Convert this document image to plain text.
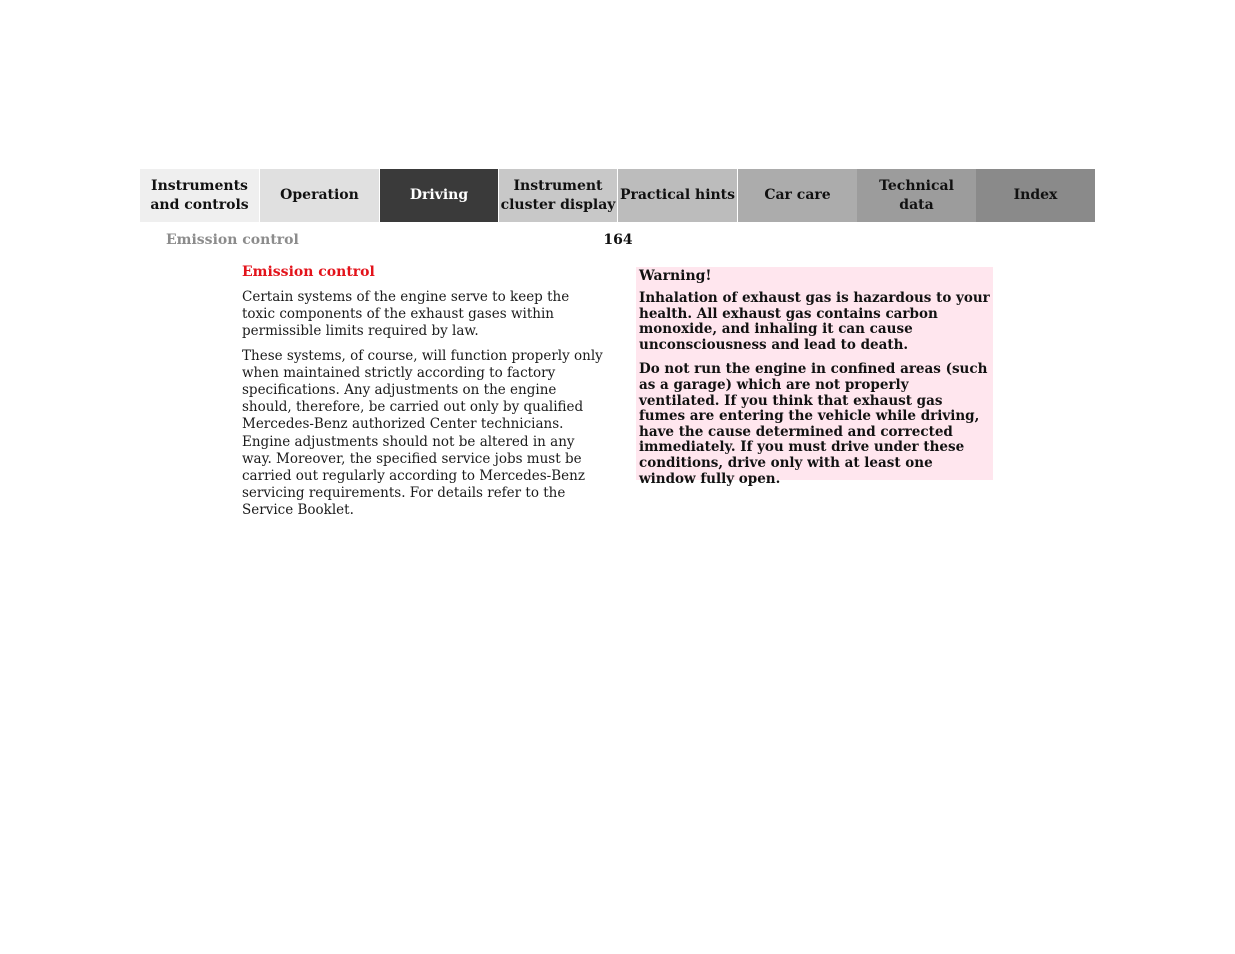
Instruments
and controls
Operation	Driving
Instrument
cluster display
Practical hints	Car care
Technical
data
Index
Emission control	164
Emission control

Certain systems of the engine serve to keep the toxic components of the exhaust gases within permissible limits required by law.

These systems, of course, will function properly only when maintained strictly according to factory specifications. Any adjustments on the engine should, therefore, be carried out only by qualified Mercedes-Benz authorized Center technicians. Engine adjustments should not be altered in any way. Moreover, the specified service jobs must be carried out regularly according to Mercedes-Benz servicing requirements. For details refer to the Service Booklet.

Warning!

Inhalation of exhaust gas is hazardous to your health. All exhaust gas contains carbon monoxide, and inhaling it can cause unconsciousness and lead to death.

Do not run the engine in confined areas (such as a garage) which are not properly ventilated. If you think that exhaust gas fumes are entering the vehicle while driving, have the cause determined and corrected immediately. If you must drive under these conditions, drive only with at least one window fully open.
